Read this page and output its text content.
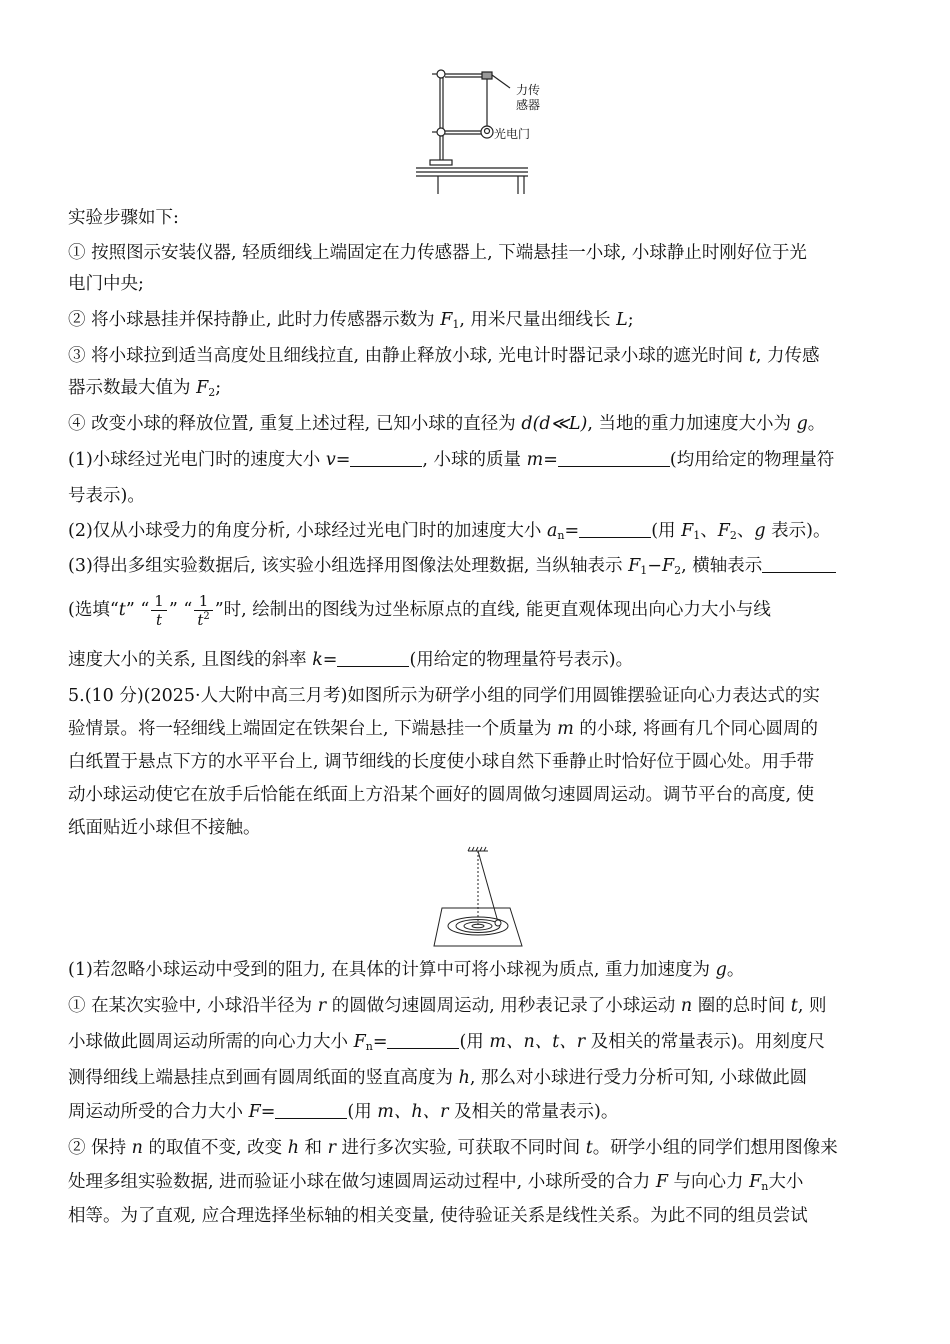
力传
感器
光电门
实验步骤如下:
① 按照图示安装仪器, 轻质细线上端固定在力传感器上, 下端悬挂一小球, 小球静止时刚好位于光
电门中央;
② 将小球悬挂并保持静止, 此时力传感器示数为 $F_1$, 用米尺量出细线长 L;
③ 将小球拉到适当高度处且细线拉直, 由静止释放小球, 光电计时器记录小球的遮光时间 t, 力传感
器示数最大值为 $F_2$;
④ 改变小球的释放位置, 重复上述过程, 已知小球的直径为 d(d≪L), 当地的重力加速度大小为 g。
(1)小球经过光电门时的速度大小 v=	, 小球的质量 m=	(均用给定的物理量符
号表示)。
(2)仅从小球受力的角度分析, 小球经过光电门时的加速度大小 $a_n=$	(用 $F_1$、$F_2$、g 表示)。
(3)得出多组实验数据后, 该实验小组选择用图像法处理数据, 当纵轴表示 $F_1-F_2$, 横轴表示
(选填“t” “ $\frac{1}{t}$ ” “ $\frac{1}{t^2}$ ”时, 绘制出的图线为过坐标原点的直线, 能更直观体现出向心力大小与线
速度大小的关系, 且图线的斜率 k=	(用给定的物理量符号表示)。
5.(10 分)(2025·人大附中高三月考)如图所示为研学小组的同学们用圆锥摆验证向心力表达式的实
验情景。将一轻细线上端固定在铁架台上, 下端悬挂一个质量为 m 的小球, 将画有几个同心圆周的
白纸置于悬点下方的水平平台上, 调节细线的长度使小球自然下垂静止时恰好位于圆心处。用手带
动小球运动使它在放手后恰能在纸面上方沿某个画好的圆周做匀速圆周运动。调节平台的高度, 使
纸面贴近小球但不接触。
(1)若忽略小球运动中受到的阻力, 在具体的计算中可将小球视为质点, 重力加速度为 g。
① 在某次实验中, 小球沿半径为 r 的圆做匀速圆周运动, 用秒表记录了小球运动 n 圈的总时间 t, 则
小球做此圆周运动所需的向心力大小 $F_n=$	(用 m、n、t、r 及相关的常量表示)。用刻度尺
测得细线上端悬挂点到画有圆周纸面的竖直高度为 h, 那么对小球进行受力分析可知, 小球做此圆
周运动所受的合力大小 F=	(用 m、h、r 及相关的常量表示)。
② 保持 n 的取值不变, 改变 h 和 r 进行多次实验, 可获取不同时间 t。研学小组的同学们想用图像来
处理多组实验数据, 进而验证小球在做匀速圆周运动过程中, 小球所受的合力 F 与向心力 $F_n$大小
相等。为了直观, 应合理选择坐标轴的相关变量, 使待验证关系是线性关系。为此不同的组员尝试
